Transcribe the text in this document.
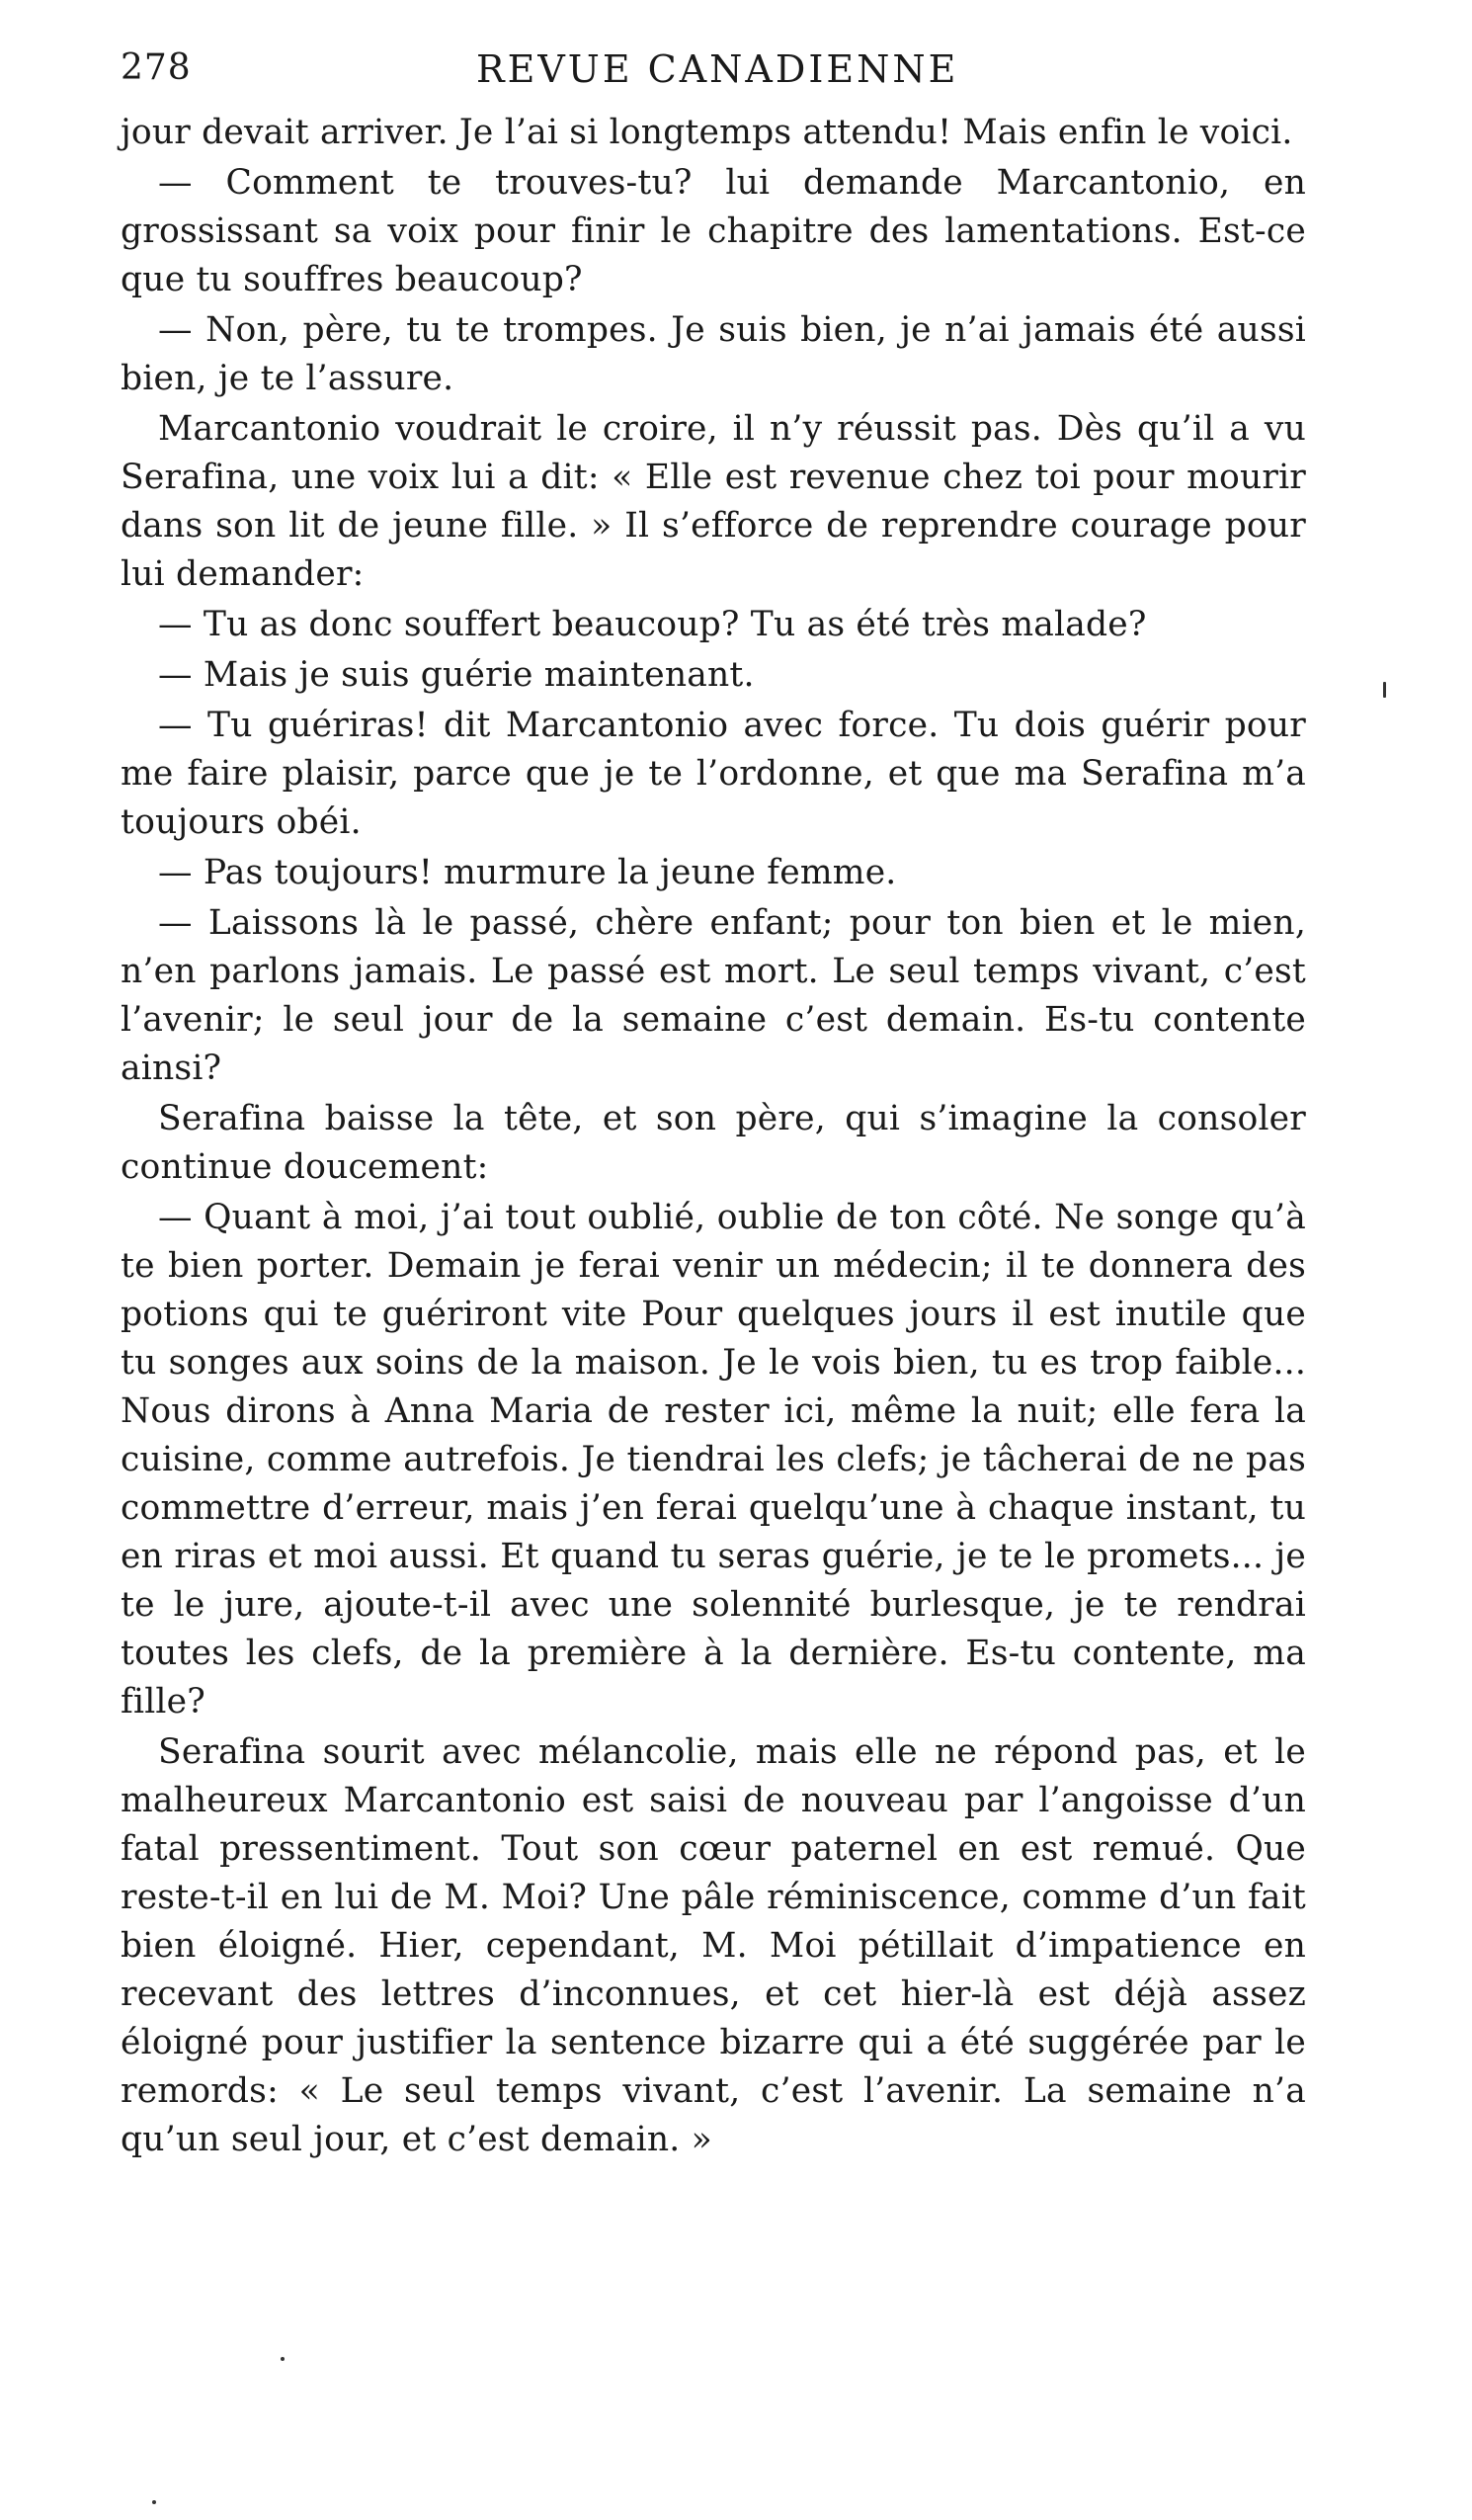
278	REVUE CANADIENNE

jour devait arriver. Je l’ai si longtemps attendu! Mais enfin le voici.

— Comment te trouves-tu? lui demande Marcantonio, en grossissant sa voix pour finir le chapitre des lamentations. Est-ce que tu souffres beaucoup?

— Non, père, tu te trompes. Je suis bien, je n’ai jamais été aussi bien, je te l’assure.

Marcantonio voudrait le croire, il n’y réussit pas. Dès qu’il a vu Serafina, une voix lui a dit: « Elle est revenue chez toi pour mourir dans son lit de jeune fille. » Il s’efforce de reprendre courage pour lui demander:

— Tu as donc souffert beaucoup? Tu as été très malade?

— Mais je suis guérie maintenant.

— Tu guériras! dit Marcantonio avec force. Tu dois guérir pour me faire plaisir, parce que je te l’ordonne, et que ma Serafina m’a toujours obéi.

— Pas toujours! murmure la jeune femme.

— Laissons là le passé, chère enfant; pour ton bien et le mien, n’en parlons jamais. Le passé est mort. Le seul temps vivant, c’est l’avenir; le seul jour de la semaine c’est demain. Es-tu contente ainsi?

Serafina baisse la tête, et son père, qui s’imagine la consoler continue doucement:

— Quant à moi, j’ai tout oublié, oublie de ton côté. Ne songe qu’à te bien porter. Demain je ferai venir un médecin; il te donnera des potions qui te guériront vite Pour quelques jours il est inutile que tu songes aux soins de la maison. Je le vois bien, tu es trop faible... Nous dirons à Anna Maria de rester ici, même la nuit; elle fera la cuisine, comme autrefois. Je tiendrai les clefs; je tâcherai de ne pas commettre d’erreur, mais j’en ferai quelqu’une à chaque instant, tu en riras et moi aussi. Et quand tu seras guérie, je te le promets... je te le jure, ajoute-t-il avec une solennité burlesque, je te rendrai toutes les clefs, de la première à la dernière. Es-tu contente, ma fille?

Serafina sourit avec mélancolie, mais elle ne répond pas, et le malheureux Marcantonio est saisi de nouveau par l’angoisse d’un fatal pressentiment. Tout son cœur paternel en est remué. Que reste-t-il en lui de M. Moi? Une pâle réminiscence, comme d’un fait bien éloigné. Hier, cependant, M. Moi pétillait d’impatience en recevant des lettres d’inconnues, et cet hier-là est déjà assez éloigné pour justifier la sentence bizarre qui a été suggérée par le remords: « Le seul temps vivant, c’est l’avenir. La semaine n’a qu’un seul jour, et c’est demain. »
